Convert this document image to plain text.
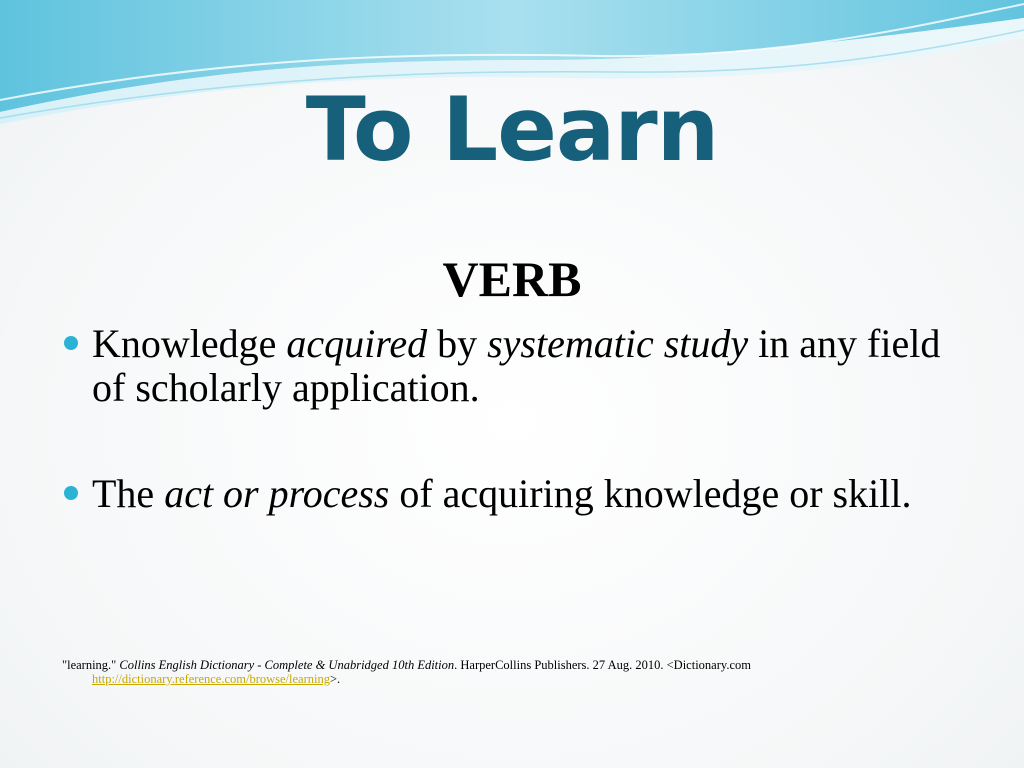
To Learn
VERB
Knowledge acquired by systematic study in any field of scholarly application.
The act or process of acquiring knowledge or skill.
"learning." Collins English Dictionary - Complete & Unabridged 10th Edition. HarperCollins Publishers. 27 Aug. 2010. <Dictionary.com
http://dictionary.reference.com/browse/learning>.
